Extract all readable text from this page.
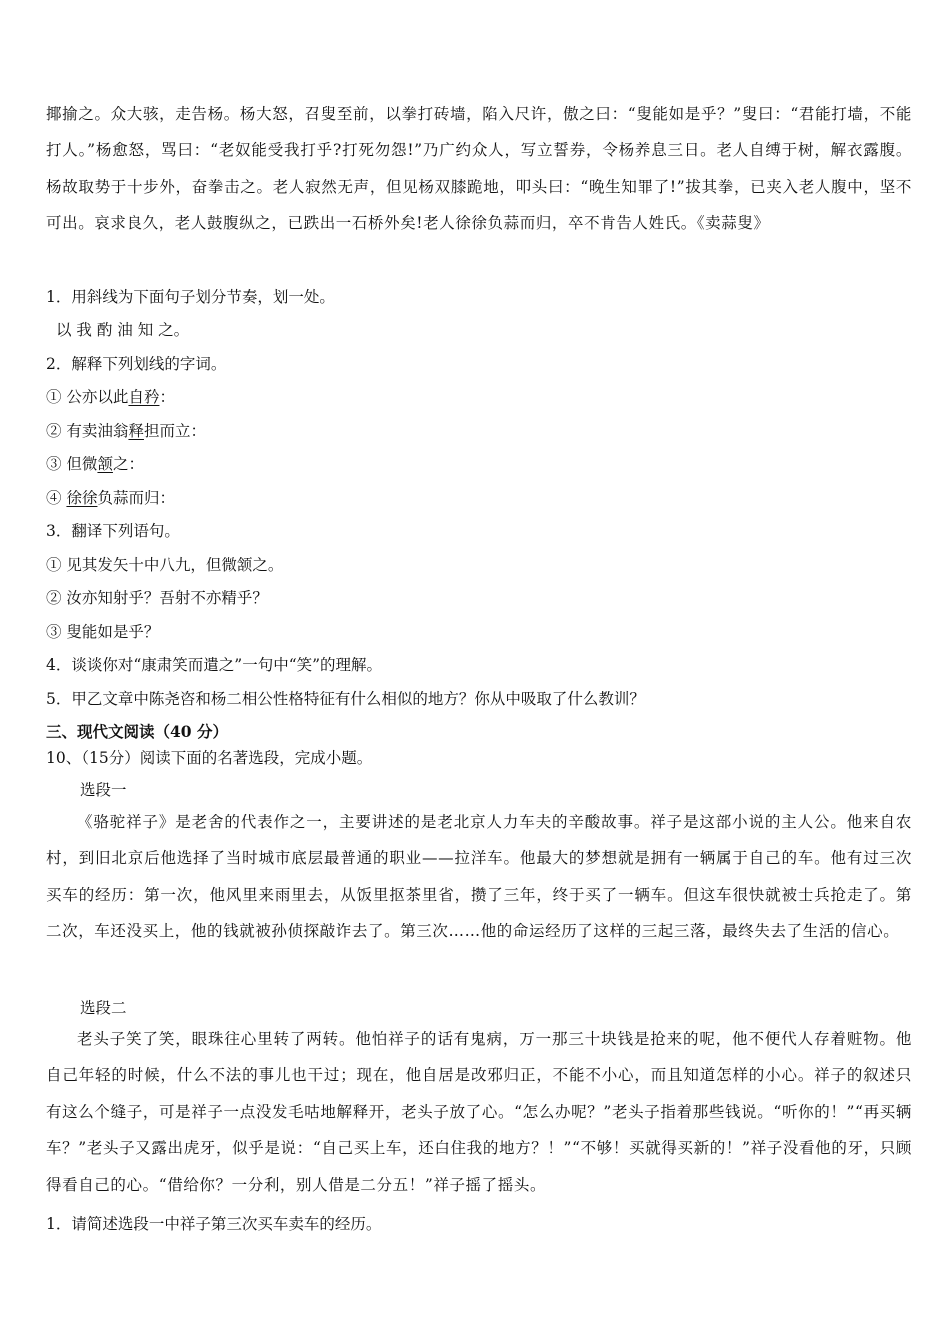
揶揄之。众大骇，走告杨。杨大怒，召叟至前，以拳打砖墙，陷入尺许，傲之曰：“叟能如是乎？”叟曰：“君能打墙，不能打人。”杨愈怒，骂曰：“老奴能受我打乎?打死勿怨!”乃广约众人，写立誓券，令杨养息三日。老人自缚于树，解衣露腹。杨故取势于十步外，奋拳击之。老人寂然无声，但见杨双膝跪地，叩头曰：“晚生知罪了!”拔其拳，已夹入老人腹中，坚不可出。哀求良久，老人鼓腹纵之，已跌出一石桥外矣!老人徐徐负蒜而归，卒不肯告人姓氏。《卖蒜叟》

1．用斜线为下面句子划分节奏，划一处。
以 我 酌 油 知 之。
2．解释下列划线的字词。
① 公亦以此自矜：
② 有卖油翁释担而立：
③ 但微颔之：
④ 徐徐负蒜而归：
3．翻译下列语句。
① 见其发矢十中八九，但微颔之。
② 汝亦知射乎？吾射不亦精乎？
③ 叟能如是乎？
4．谈谈你对“康肃笑而遣之”一句中“笑”的理解。
5．甲乙文章中陈尧咨和杨二相公性格特征有什么相似的地方？你从中吸取了什么教训？
三、现代文阅读（40 分）
10、（15分）阅读下面的名著选段，完成小题。
选段一

《骆驼祥子》是老舍的代表作之一，主要讲述的是老北京人力车夫的辛酸故事。祥子是这部小说的主人公。他来自农村，到旧北京后他选择了当时城市底层最普通的职业——拉洋车。他最大的梦想就是拥有一辆属于自己的车。他有过三次买车的经历：第一次，他风里来雨里去，从饭里抠茶里省，攒了三年，终于买了一辆车。但这车很快就被士兵抢走了。第二次，车还没买上，他的钱就被孙侦探敲诈去了。第三次……他的命运经历了这样的三起三落，最终失去了生活的信心。

选段二

老头子笑了笑，眼珠往心里转了两转。他怕祥子的话有鬼病，万一那三十块钱是抢来的呢，他不便代人存着赃物。他自己年轻的时候，什么不法的事儿也干过；现在，他自居是改邪归正，不能不小心，而且知道怎样的小心。祥子的叙述只有这么个缝子，可是祥子一点没发毛咕地解释开，老头子放了心。“怎么办呢？”老头子指着那些钱说。“听你的！”“再买辆车？”老头子又露出虎牙，似乎是说：“自己买上车，还白住我的地方？！”“不够！买就得买新的！”祥子没看他的牙，只顾得看自己的心。“借给你？一分利，别人借是二分五！”祥子摇了摇头。

1．请简述选段一中祥子第三次买车卖车的经历。
